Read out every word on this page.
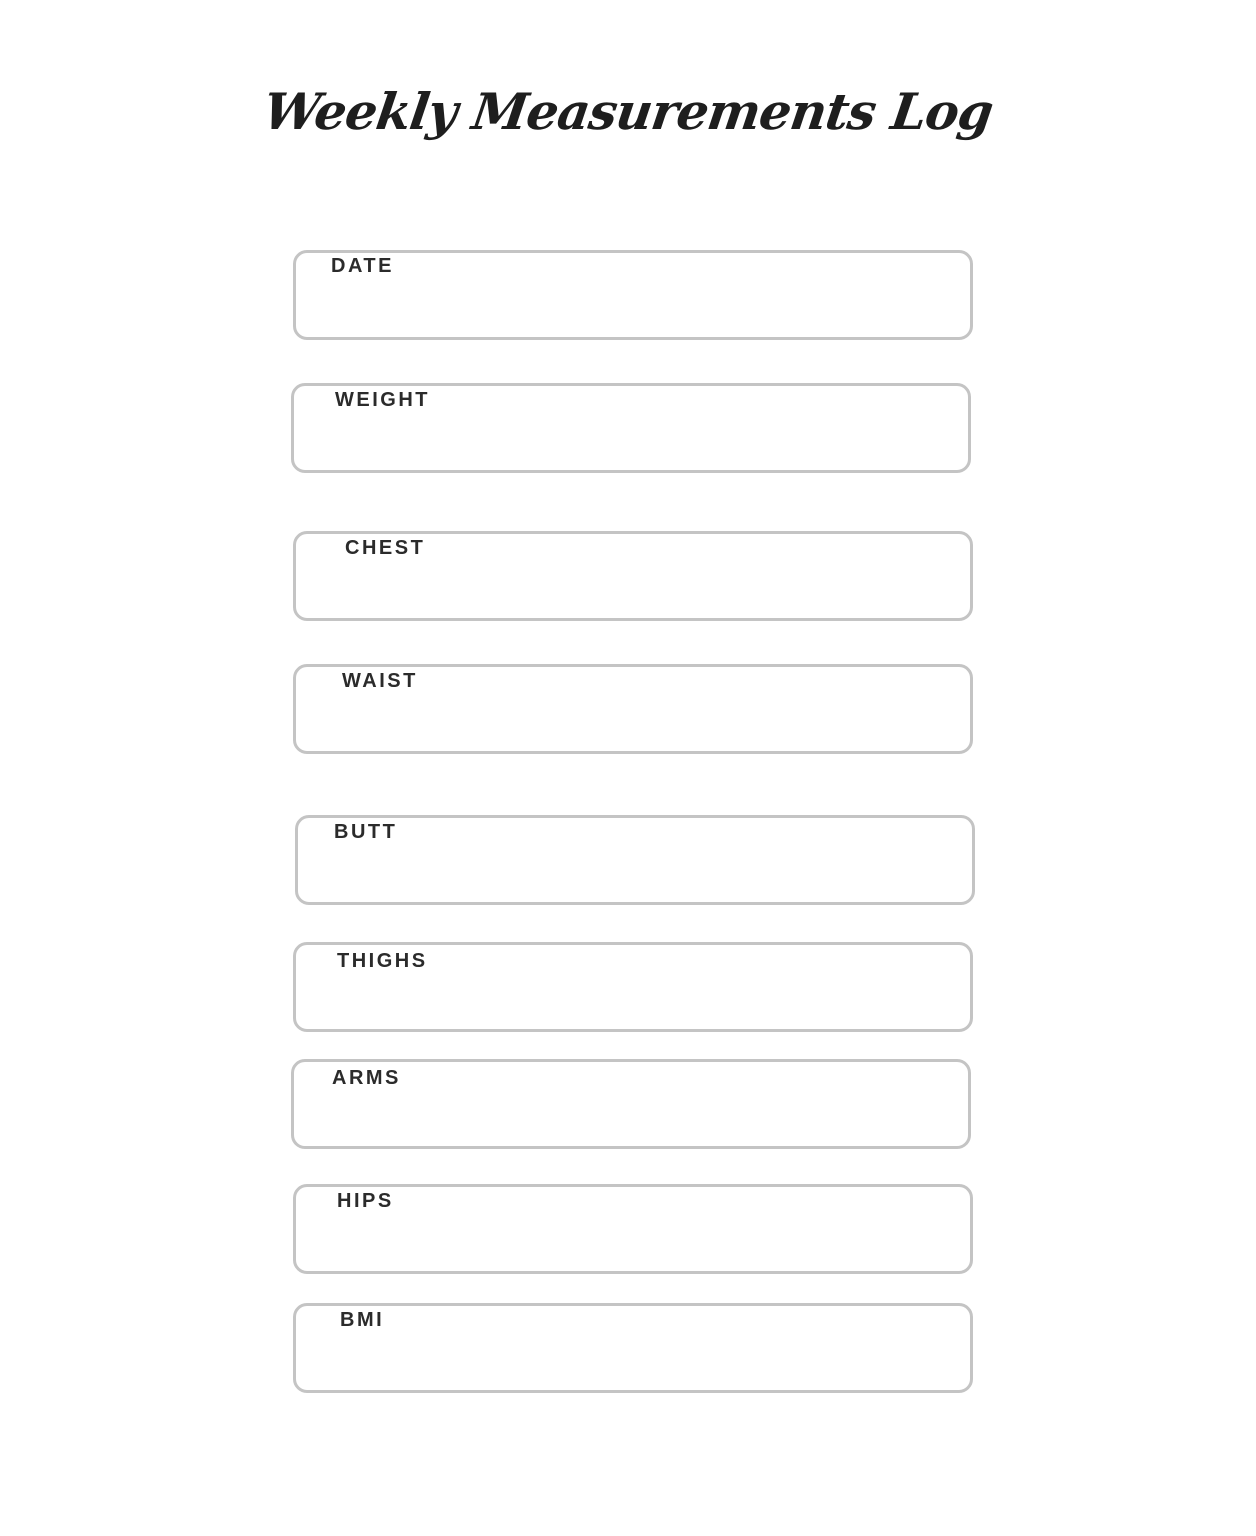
Weekly Measurements Log
DATE
WEIGHT
CHEST
WAIST
BUTT
THIGHS
ARMS
HIPS
BMI
